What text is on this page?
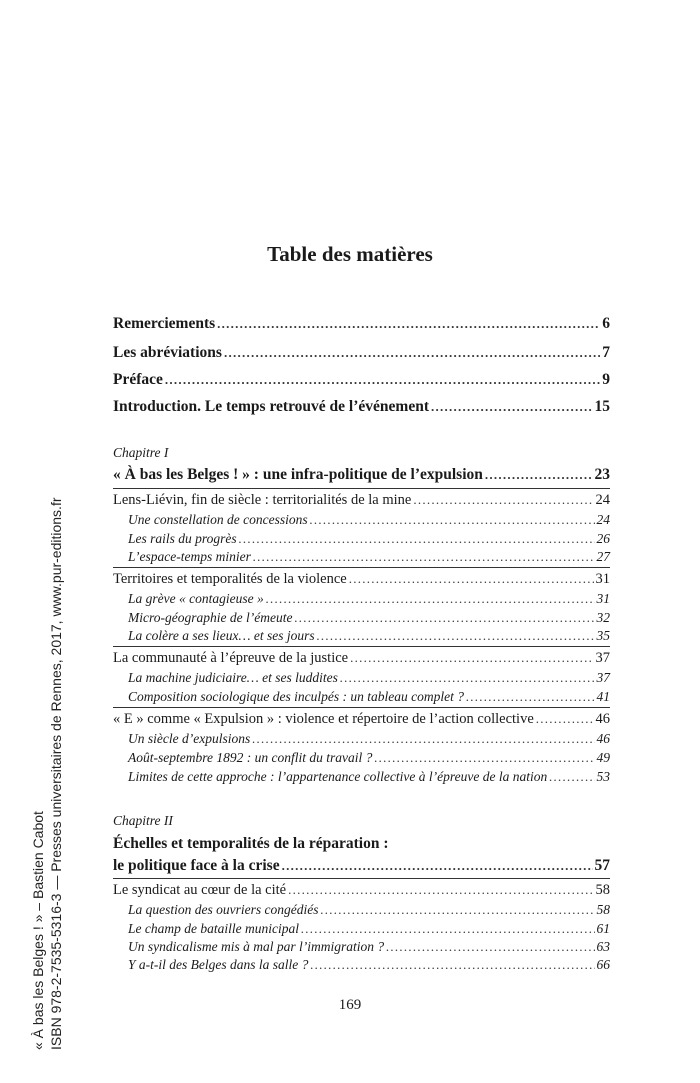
« À bas les Belges ! » – Bastien Cabot ISBN 978-2-7535-5316-3 — Presses universitaires de Rennes, 2017, www.pur-editions.fr
Table des matières
Remerciements . . .	6
Les abréviations . . .	7
Préface . . .	9
Introduction. Le temps retrouvé de l’événement . . .	15
Chapitre I
« À bas les Belges ! » : une infra-politique de l’expulsion . . .	23
Lens-Liévin, fin de siècle : territorialités de la mine . . .	24
Une constellation de concessions . . .	24
Les rails du progrès . . .	26
L’espace-temps minier . . .	27
Territoires et temporalités de la violence . . .	31
La grève « contagieuse » . . .	31
Micro-géographie de l’émeute . . .	32
La colère a ses lieux… et ses jours . . .	35
La communauté à l’épreuve de la justice . . .	37
La machine judiciaire… et ses luddites . . .	37
Composition sociologique des inculpés : un tableau complet ? . . .	41
« E » comme « Expulsion » : violence et répertoire de l’action collective . . .	46
Un siècle d’expulsions . . .	46
Août-septembre 1892 : un conflit du travail ? . . .	49
Limites de cette approche : l’appartenance collective à l’épreuve de la nation . . .	53
Chapitre II
Échelles et temporalités de la réparation :
le politique face à la crise . . .	57
Le syndicat au cœur de la cité . . .	58
La question des ouvriers congédiés . . .	58
Le champ de bataille municipal . . .	61
Un syndicalisme mis à mal par l’immigration ? . . .	63
Y a-t-il des Belges dans la salle ? . . .	66
169
